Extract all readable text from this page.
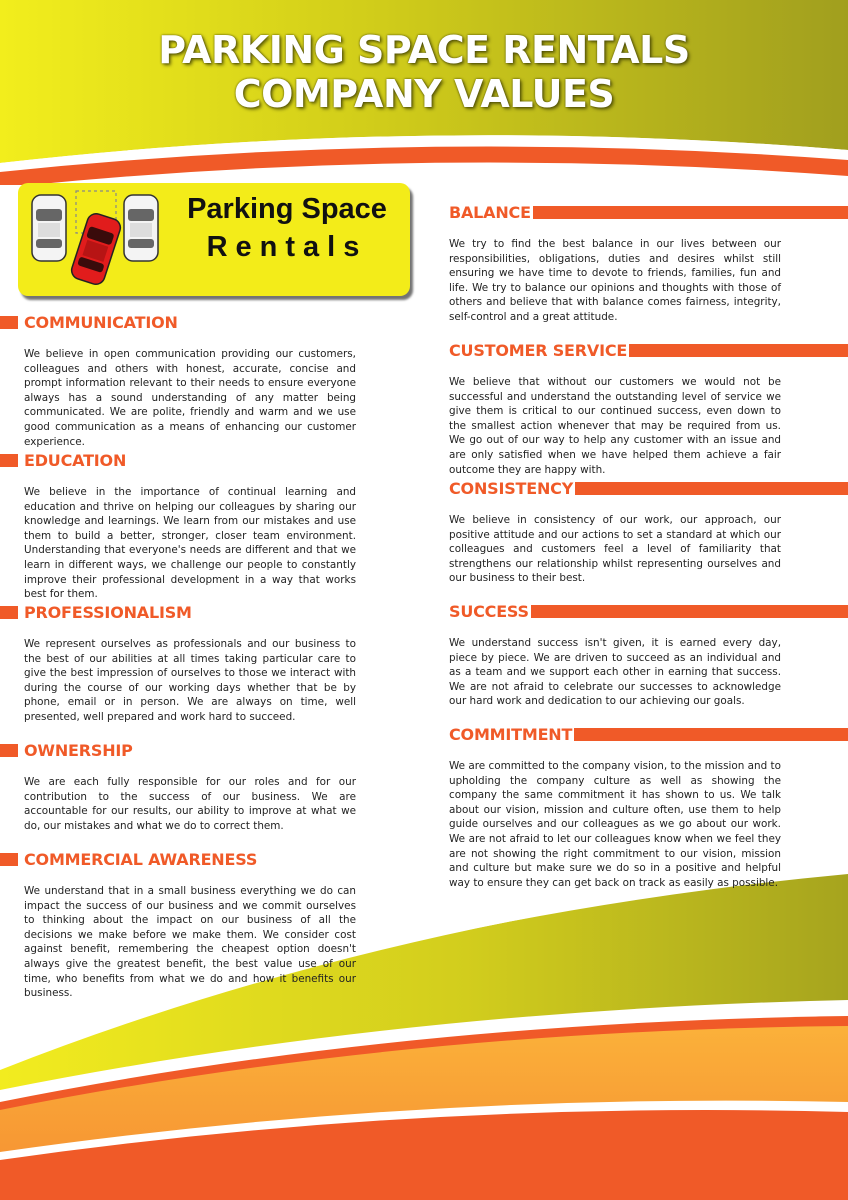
PARKING SPACE RENTALS
COMPANY VALUES
Parking Space
Rentals
COMMUNICATION

We believe in open communication providing our customers, colleagues and others with honest, accurate, concise and prompt information relevant to their needs to ensure everyone always has a sound understanding of any matter being communicated. We are polite, friendly and warm and we use good communication as a means of enhancing our customer experience.

EDUCATION

We believe in the importance of continual learning and education and thrive on helping our colleagues by sharing our knowledge and learnings. We learn from our mistakes and use them to build a better, stronger, closer team environment. Understanding that everyone's needs are different and that we learn in different ways, we challenge our people to constantly improve their professional development in a way that works best for them.

PROFESSIONALISM

We represent ourselves as professionals and our business to the best of our abilities at all times taking particular care to give the best impression of ourselves to those we interact with during the course of our working days whether that be by phone, email or in person. We are always on time, well presented, well prepared and work hard to succeed.

OWNERSHIP

We are each fully responsible for our roles and for our contribution to the success of our business. We are accountable for our results, our ability to improve at what we do, our mistakes and what we do to correct them.

COMMERCIAL AWARENESS

We understand that in a small business everything we do can impact the success of our business and we commit ourselves to thinking about the impact on our business of all the decisions we make before we make them. We consider cost against benefit, remembering the cheapest option doesn't always give the greatest benefit, the best value use of our time, who benefits from what we do and how it benefits our business.

BALANCE

We try to find the best balance in our lives between our responsibilities, obligations, duties and desires whilst still ensuring we have time to devote to friends, families, fun and life. We try to balance our opinions and thoughts with those of others and believe that with balance comes fairness, integrity, self-control and a great attitude.

CUSTOMER SERVICE

We believe that without our customers we would not be successful and understand the outstanding level of service we give them is critical to our continued success, even down to the smallest action whenever that may be required from us. We go out of our way to help any customer with an issue and are only satisfied when we have helped them achieve a fair outcome they are happy with.

CONSISTENCY

We believe in consistency of our work, our approach, our positive attitude and our actions to set a standard at which our colleagues and customers feel a level of familiarity that strengthens our relationship whilst representing ourselves and our business to their best.

SUCCESS

We understand success isn't given, it is earned every day, piece by piece. We are driven to succeed as an individual and as a team and we support each other in earning that success. We are not afraid to celebrate our successes to acknowledge our hard work and dedication to our achieving our goals.

COMMITMENT

We are committed to the company vision, to the mission and to upholding the company culture as well as showing the company the same commitment it has shown to us. We talk about our vision, mission and culture often, use them to help guide ourselves and our colleagues as we go about our work. We are not afraid to let our colleagues know when we feel they are not showing the right commitment to our vision, mission and culture but make sure we do so in a positive and helpful way to ensure they can get back on track as easily as possible.
